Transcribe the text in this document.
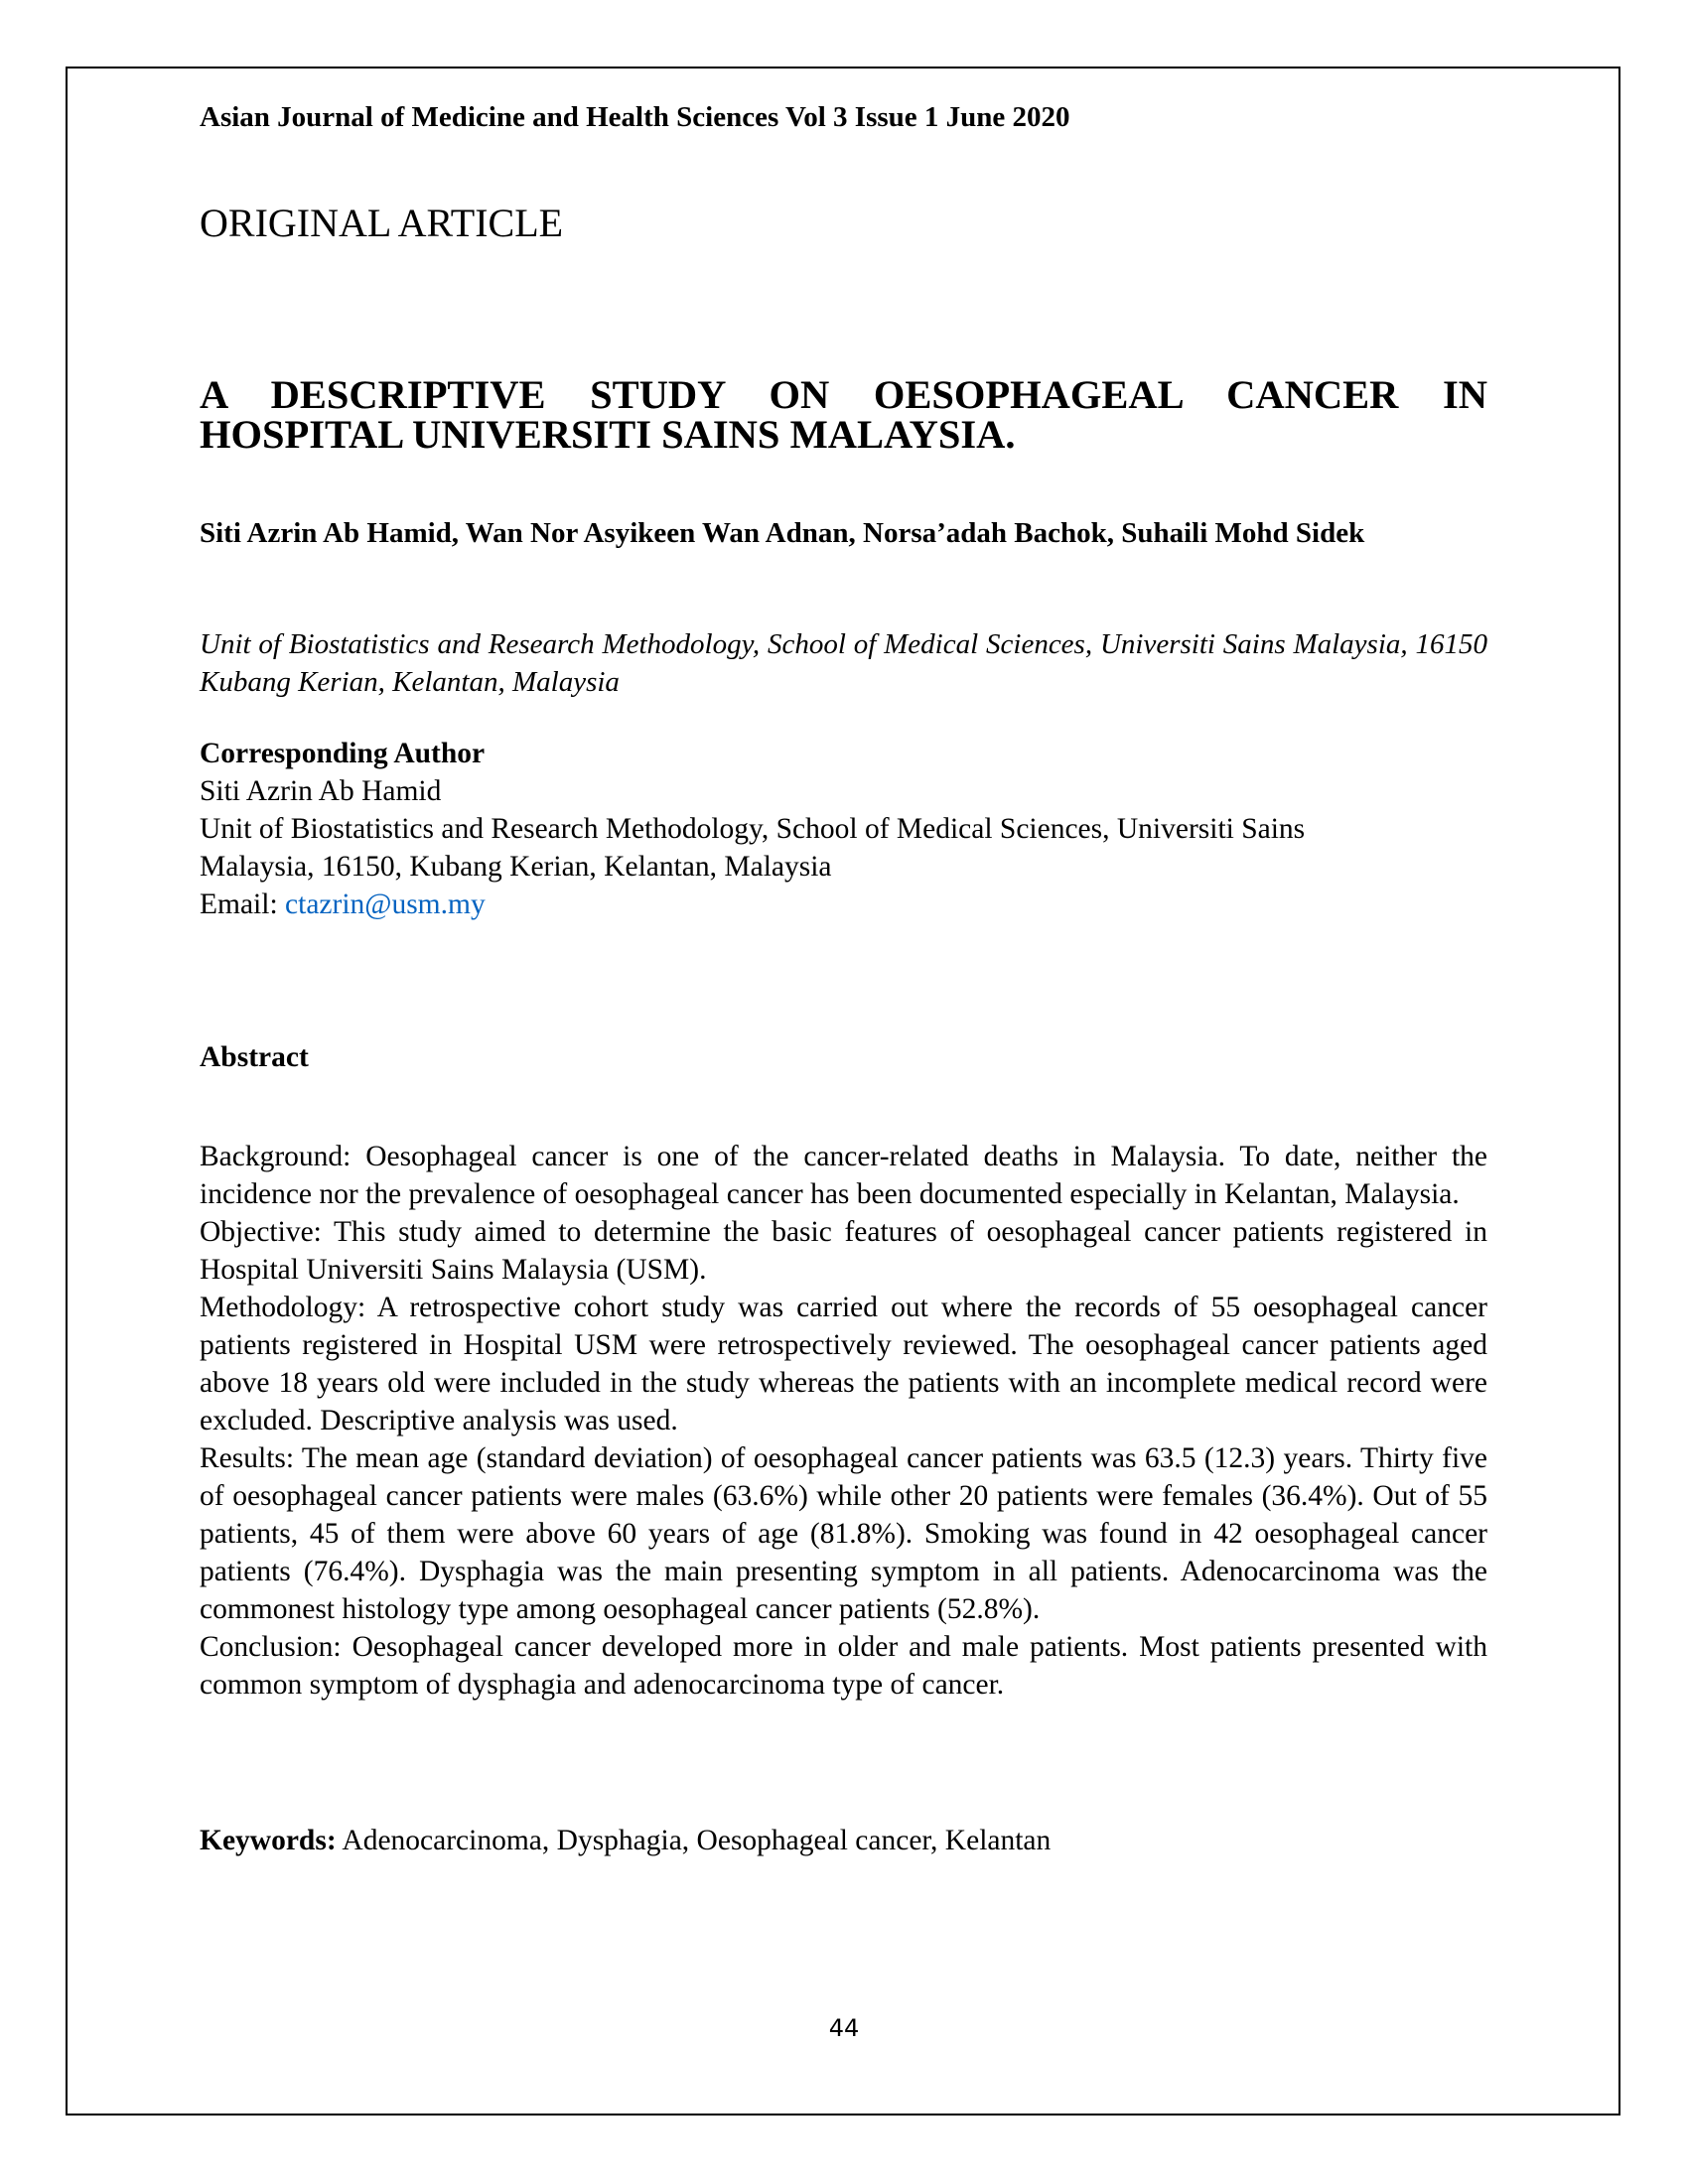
Asian Journal of Medicine and Health Sciences Vol 3 Issue 1 June 2020
ORIGINAL ARTICLE
A DESCRIPTIVE STUDY ON OESOPHAGEAL CANCER IN
HOSPITAL UNIVERSITI SAINS MALAYSIA.
Siti Azrin Ab Hamid, Wan Nor Asyikeen Wan Adnan, Norsa’adah Bachok, Suhaili Mohd Sidek
Unit of Biostatistics and Research Methodology, School of Medical Sciences, Universiti Sains Malaysia, 16150 Kubang Kerian, Kelantan, Malaysia
Corresponding Author
Siti Azrin Ab Hamid
Unit of Biostatistics and Research Methodology, School of Medical Sciences, Universiti Sains
Malaysia, 16150, Kubang Kerian, Kelantan, Malaysia
Email: ctazrin@usm.my
Abstract

Background: Oesophageal cancer is one of the cancer-related deaths in Malaysia. To date, neither the incidence nor the prevalence of oesophageal cancer has been documented especially in Kelantan, Malaysia.

Objective: This study aimed to determine the basic features of oesophageal cancer patients registered in Hospital Universiti Sains Malaysia (USM).

Methodology: A retrospective cohort study was carried out where the records of 55 oesophageal cancer patients registered in Hospital USM were retrospectively reviewed. The oesophageal cancer patients aged above 18 years old were included in the study whereas the patients with an incomplete medical record were excluded. Descriptive analysis was used.

Results: The mean age (standard deviation) of oesophageal cancer patients was 63.5 (12.3) years. Thirty five of oesophageal cancer patients were males (63.6%) while other 20 patients were females (36.4%). Out of 55 patients, 45 of them were above 60 years of age (81.8%). Smoking was found in 42 oesophageal cancer patients (76.4%). Dysphagia was the main presenting symptom in all patients. Adenocarcinoma was the commonest histology type among oesophageal cancer patients (52.8%).

Conclusion: Oesophageal cancer developed more in older and male patients. Most patients presented with common symptom of dysphagia and adenocarcinoma type of cancer.

Keywords: Adenocarcinoma, Dysphagia, Oesophageal cancer, Kelantan
44
